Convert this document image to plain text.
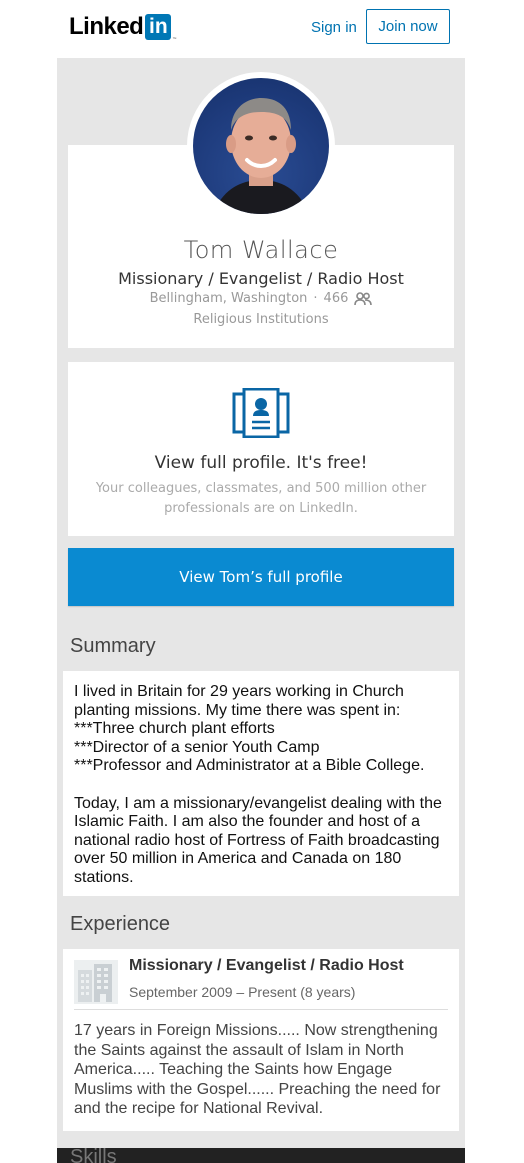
Linked in
™
Sign in	Join now
Tom Wallace
Missionary / Evangelist / Radio Host
Bellingham, Washington · 466
Religious Institutions
View full profile. It's free!
Your colleagues, classmates, and 500 million other professionals are on LinkedIn.
View Tom’s full profile
Summary
I lived in Britain for 29 years working in Church planting missions. My time there was spent in:
***Three church plant efforts
***Director of a senior Youth Camp
***Professor and Administrator at a Bible College.

Today, I am a missionary/evangelist dealing with the Islamic Faith. I am also the founder and host of a national radio host of Fortress of Faith broadcasting over 50 million in America and Canada on 180 stations.
Experience
Missionary / Evangelist / Radio Host
September 2009 – Present (8 years)
17 years in Foreign Missions..... Now strengthening the Saints against the assault of Islam in North America..... Teaching the Saints how Engage Muslims with the Gospel...... Preaching the need for and the recipe for National Revival.
Skills
